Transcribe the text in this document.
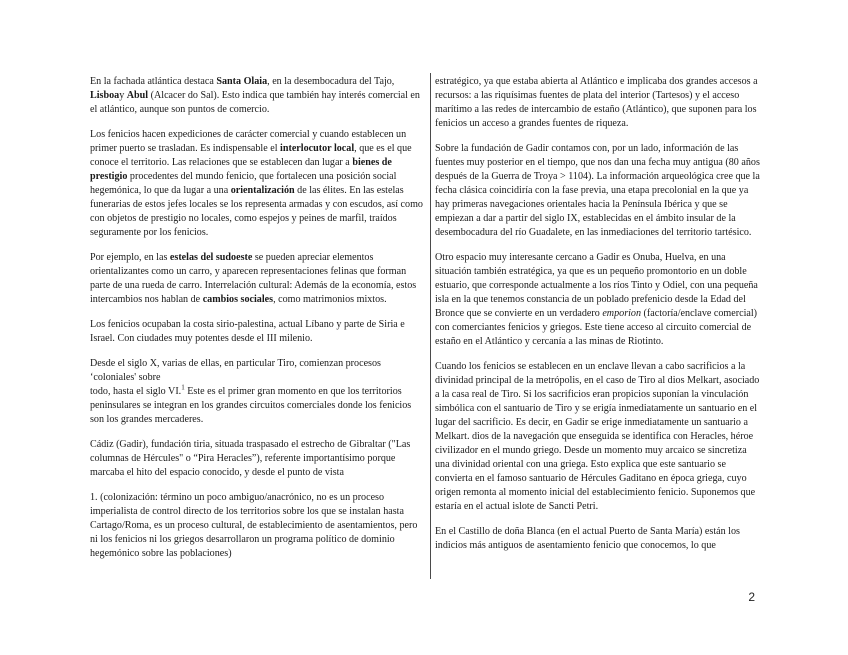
En la fachada atlántica destaca Santa Olaia, en la desembocadura del Tajo, Lisboay Abul (Alcacer do Sal). Esto indica que también hay interés comercial en el atlántico, aunque son puntos de comercio.

Los fenicios hacen expediciones de carácter comercial y cuando establecen un primer puerto se trasladan. Es indispensable el interlocutor local, que es el que conoce el territorio. Las relaciones que se establecen dan lugar a bienes de prestigio procedentes del mundo fenicio, que fortalecen una posición social hegemónica, lo que da lugar a una orientalización de las élites. En las estelas funerarias de estos jefes locales se los representa armadas y con escudos, así como con objetos de prestigio no locales, como espejos y peines de marfil, traídos seguramente por los fenicios.

Por ejemplo, en las estelas del sudoeste se pueden apreciar elementos orientalizantes como un carro, y aparecen representaciones felinas que forman parte de una rueda de carro. Interrelación cultural: Además de la economía, estos intercambios nos hablan de cambios sociales, como matrimonios mixtos.

Los fenicios ocupaban la costa sirio-palestina, actual Líbano y parte de Siria e Israel. Con ciudades muy potentes desde el III milenio.

Desde el siglo X, varias de ellas, en particular Tiro, comienzan procesos ‘coloniales' sobre
todo, hasta el siglo VI.$^1$ Este es el primer gran momento en que los territorios peninsulares se integran en los grandes circuitos comerciales donde los fenicios son los grandes mercaderes.

Cádiz (Gadir), fundación tiria, situada traspasado el estrecho de Gibraltar ("Las columnas de Hércules" o “Pira Heracles”), referente importantísimo porque marcaba el hito del espacio conocido, y desde el punto de vista

1. (colonización: término un poco ambiguo/anacrónico, no es un proceso imperialista de control directo de los territorios sobre los que se instalan hasta Cartago/Roma, es un proceso cultural, de establecimiento de asentamientos, pero ni los fenicios ni los griegos desarrollaron un programa político de dominio hegemónico sobre las poblaciones)

estratégico, ya que estaba abierta al Atlántico e implicaba dos grandes accesos a recursos: a las riquísimas fuentes de plata del interior (Tartesos) y el acceso marítimo a las redes de intercambio de estaño (Atlántico), que suponen para los fenicios un acceso a grandes fuentes de riqueza.

Sobre la fundación de Gadir contamos con, por un lado, información de las fuentes muy posterior en el tiempo, que nos dan una fecha muy antigua (80 años después de la Guerra de Troya > 1104). La información arqueológica cree que la fecha clásica coincidiría con la fase previa, una etapa precolonial en la que ya hay primeras navegaciones orientales hacia la Península Ibérica y que se empiezan a dar a partir del siglo IX, establecidas en el ámbito insular de la desembocadura del río Guadalete, en las inmediaciones del territorio tartésico.

Otro espacio muy interesante cercano a Gadir es Onuba, Huelva, en una situación también estratégica, ya que es un pequeño promontorio en un doble estuario, que corresponde actualmente a los ríos Tinto y Odiel, con una pequeña isla en la que tenemos constancia de un poblado prefenicio desde la Edad del Bronce que se convierte en un verdadero emporion (factoría/enclave comercial) con comerciantes fenicios y griegos. Este tiene acceso al circuito comercial de estaño en el Atlántico y cercanía a las minas de Riotinto.

Cuando los fenicios se establecen en un enclave llevan a cabo sacrificios a la divinidad principal de la metrópolis, en el caso de Tiro al dios Melkart, asociado a la casa real de Tiro. Si los sacrificios eran propicios suponían la vinculación simbólica con el santuario de Tiro y se erigía inmediatamente un santuario en el lugar del sacrificio. Es decir, en Gadir se erige inmediatamente un santuario a Melkart. dios de la navegación que enseguida se identifica con Heracles, héroe civilizador en el mundo griego. Desde un momento muy arcaico se sincretiza una divinidad oriental con una griega. Esto explica que este santuario se convierta en el famoso santuario de Hércules Gaditano en época griega, cuyo origen remonta al momento inicial del establecimiento fenicio. Suponemos que estaría en el actual islote de Sancti Petri.

En el Castillo de doña Blanca (en el actual Puerto de Santa María) están los indicios más antiguos de asentamiento fenicio que conocemos, lo que

2
